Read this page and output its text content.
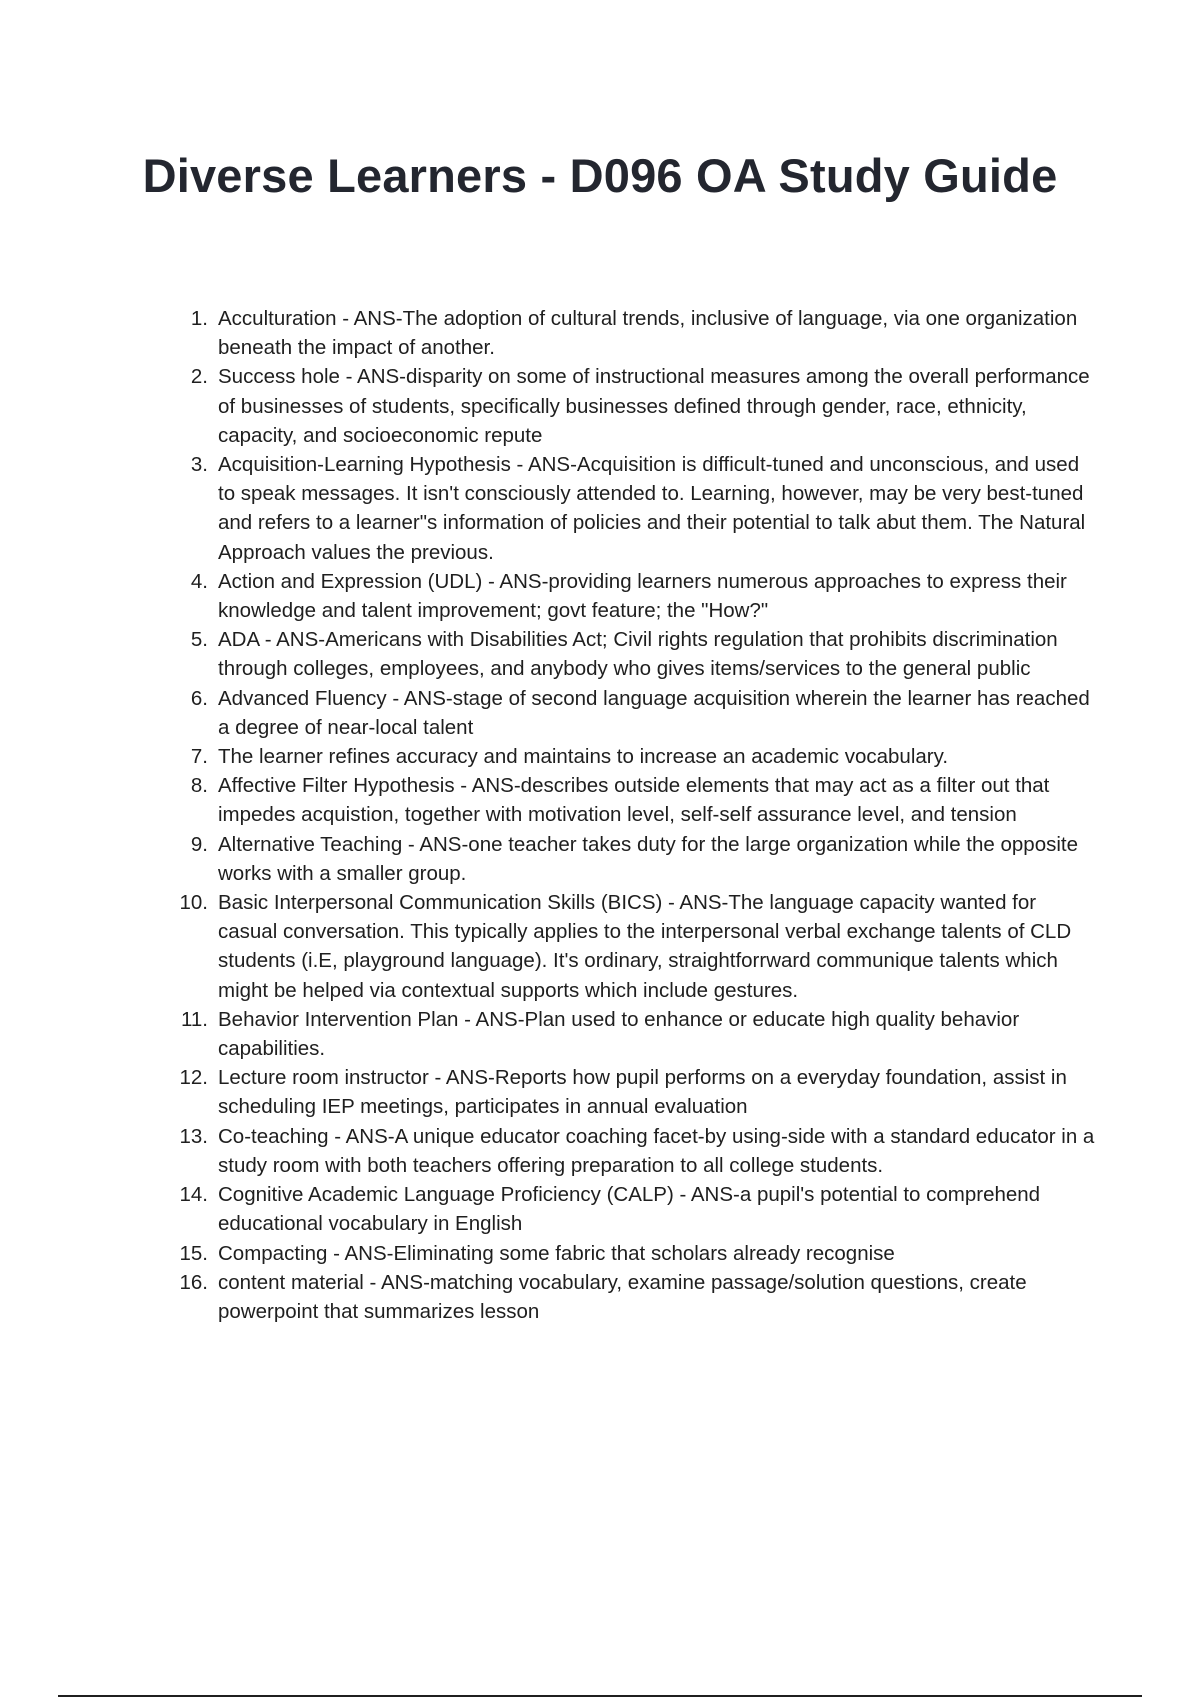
Diverse Learners - D096 OA Study Guide
1. Acculturation - ANS-The adoption of cultural trends, inclusive of language, via one organization beneath the impact of another.
2. Success hole - ANS-disparity on some of instructional measures among the overall performance of businesses of students, specifically businesses defined through gender, race, ethnicity, capacity, and socioeconomic repute
3. Acquisition-Learning Hypothesis - ANS-Acquisition is difficult-tuned and unconscious, and used to speak messages. It isn't consciously attended to. Learning, however, may be very best-tuned and refers to a learner"s information of policies and their potential to talk abut them. The Natural Approach values the previous.
4. Action and Expression (UDL) - ANS-providing learners numerous approaches to express their knowledge and talent improvement; govt feature; the "How?"
5. ADA - ANS-Americans with Disabilities Act; Civil rights regulation that prohibits discrimination through colleges, employees, and anybody who gives items/services to the general public
6. Advanced Fluency - ANS-stage of second language acquisition wherein the learner has reached a degree of near-local talent
7. The learner refines accuracy and maintains to increase an academic vocabulary.
8. Affective Filter Hypothesis - ANS-describes outside elements that may act as a filter out that impedes acquistion, together with motivation level, self-self assurance level, and tension
9. Alternative Teaching - ANS-one teacher takes duty for the large organization while the opposite works with a smaller group.
10. Basic Interpersonal Communication Skills (BICS) - ANS-The language capacity wanted for casual conversation. This typically applies to the interpersonal verbal exchange talents of CLD students (i.E, playground language). It's ordinary, straightforrward communique talents which might be helped via contextual supports which include gestures.
11. Behavior Intervention Plan - ANS-Plan used to enhance or educate high quality behavior capabilities.
12. Lecture room instructor - ANS-Reports how pupil performs on a everyday foundation, assist in scheduling IEP meetings, participates in annual evaluation
13. Co-teaching - ANS-A unique educator coaching facet-by using-side with a standard educator in a study room with both teachers offering preparation to all college students.
14. Cognitive Academic Language Proficiency (CALP) - ANS-a pupil's potential to comprehend educational vocabulary in English
15. Compacting - ANS-Eliminating some fabric that scholars already recognise
16. content material - ANS-matching vocabulary, examine passage/solution questions, create powerpoint that summarizes lesson
